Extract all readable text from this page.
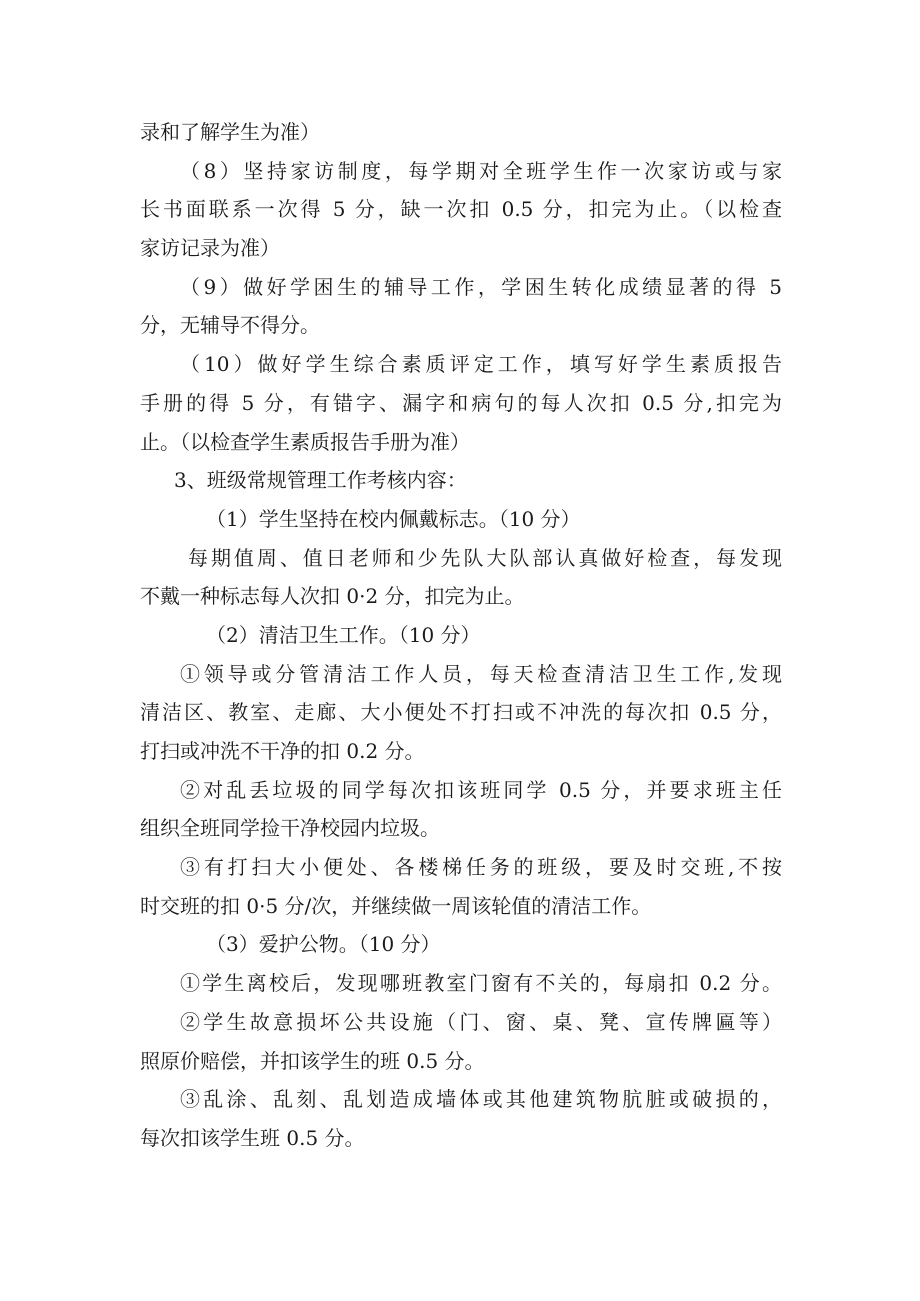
录和了解学生为准）
（8）坚持家访制度，每学期对全班学生作一次家访或与家
长书面联系一次得 5 分，缺一次扣 0.5 分，扣完为止。（以检查
家访记录为准）
（9）做好学困生的辅导工作，学困生转化成绩显著的得 5
分，无辅导不得分。
（10）做好学生综合素质评定工作，填写好学生素质报告
手册的得 5 分，有错字、漏字和病句的每人次扣 0.5 分,扣完为
止。（以检查学生素质报告手册为准）
3、班级常规管理工作考核内容：
（1）学生坚持在校内佩戴标志。（10 分）
每期值周、值日老师和少先队大队部认真做好检查，每发现
不戴一种标志每人次扣 0·2 分，扣完为止。
（2）清洁卫生工作。（10 分）
①领导或分管清洁工作人员，每天检查清洁卫生工作,发现
清洁区、教室、走廊、大小便处不打扫或不冲洗的每次扣 0.5 分，
打扫或冲洗不干净的扣 0.2 分。
②对乱丢垃圾的同学每次扣该班同学 0.5 分，并要求班主任
组织全班同学捡干净校园内垃圾。
③有打扫大小便处、各楼梯任务的班级，要及时交班,不按
时交班的扣 0·5 分/次，并继续做一周该轮值的清洁工作。
（3）爱护公物。（10 分）
①学生离校后，发现哪班教室门窗有不关的，每扇扣 0.2 分。
②学生故意损坏公共设施（门、窗、桌、凳、宣传牌匾等）
照原价赔偿，并扣该学生的班 0.5 分。
③乱涂、乱刻、乱划造成墙体或其他建筑物肮脏或破损的，
每次扣该学生班 0.5 分。
